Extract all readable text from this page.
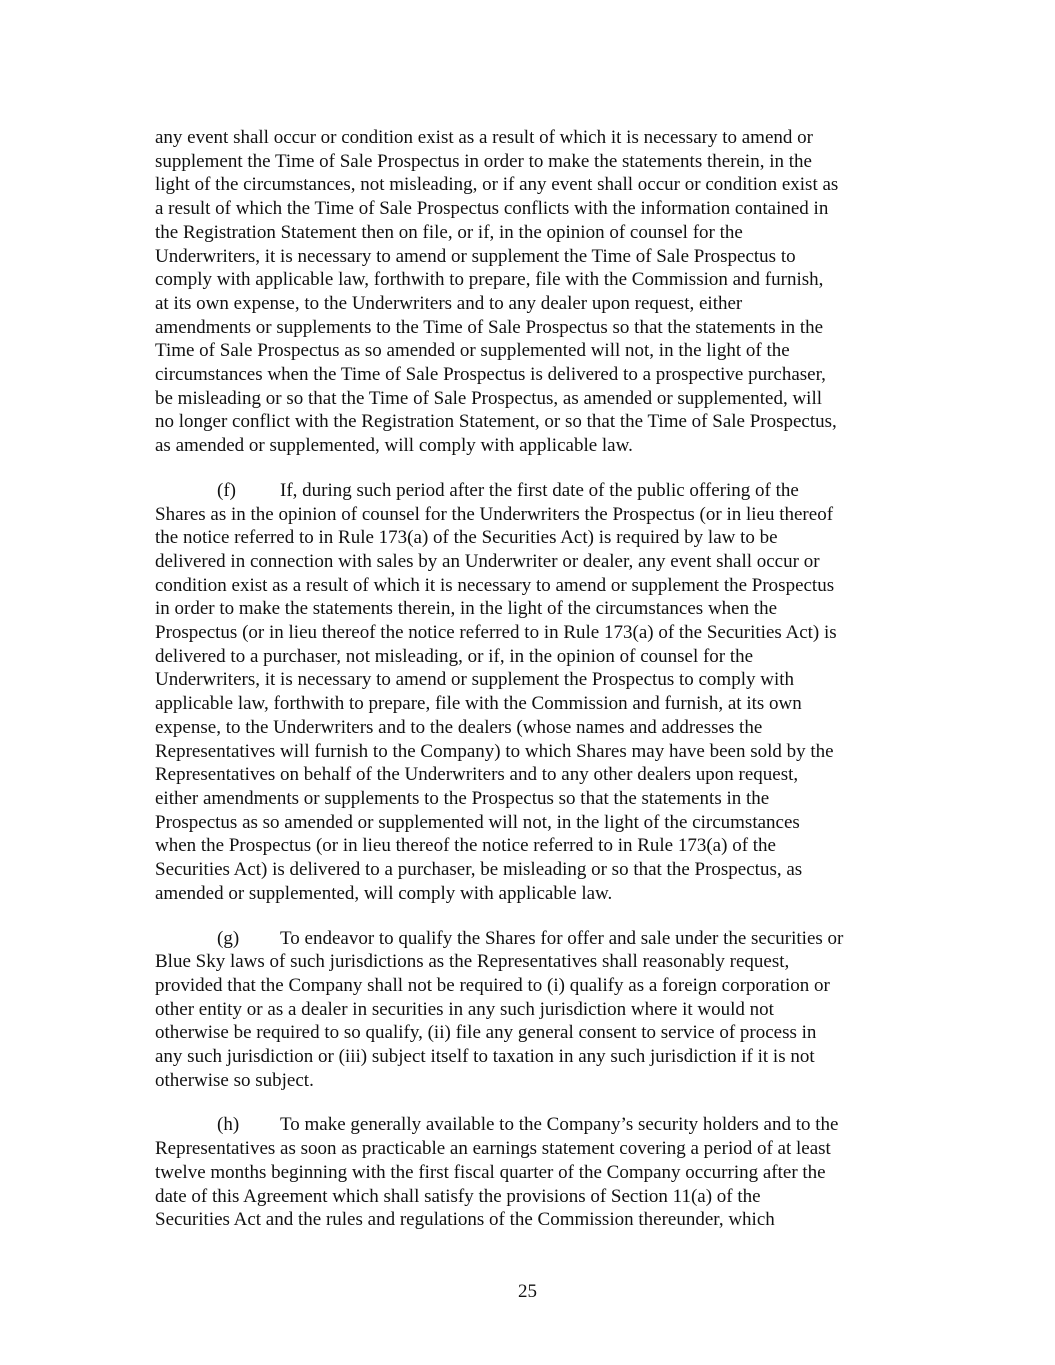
any event shall occur or condition exist as a result of which it is necessary to amend or
supplement the Time of Sale Prospectus in order to make the statements therein, in the
light of the circumstances, not misleading, or if any event shall occur or condition exist as
a result of which the Time of Sale Prospectus conflicts with the information contained in
the Registration Statement then on file, or if, in the opinion of counsel for the
Underwriters, it is necessary to amend or supplement the Time of Sale Prospectus to
comply with applicable law, forthwith to prepare, file with the Commission and furnish,
at its own expense, to the Underwriters and to any dealer upon request, either
amendments or supplements to the Time of Sale Prospectus so that the statements in the
Time of Sale Prospectus as so amended or supplemented will not, in the light of the
circumstances when the Time of Sale Prospectus is delivered to a prospective purchaser,
be misleading or so that the Time of Sale Prospectus, as amended or supplemented, will
no longer conflict with the Registration Statement, or so that the Time of Sale Prospectus,
as amended or supplemented, will comply with applicable law.
(f) If, during such period after the first date of the public offering of the
Shares as in the opinion of counsel for the Underwriters the Prospectus (or in lieu thereof
the notice referred to in Rule 173(a) of the Securities Act) is required by law to be
delivered in connection with sales by an Underwriter or dealer, any event shall occur or
condition exist as a result of which it is necessary to amend or supplement the Prospectus
in order to make the statements therein, in the light of the circumstances when the
Prospectus (or in lieu thereof the notice referred to in Rule 173(a) of the Securities Act) is
delivered to a purchaser, not misleading, or if, in the opinion of counsel for the
Underwriters, it is necessary to amend or supplement the Prospectus to comply with
applicable law, forthwith to prepare, file with the Commission and furnish, at its own
expense, to the Underwriters and to the dealers (whose names and addresses the
Representatives will furnish to the Company) to which Shares may have been sold by the
Representatives on behalf of the Underwriters and to any other dealers upon request,
either amendments or supplements to the Prospectus so that the statements in the
Prospectus as so amended or supplemented will not, in the light of the circumstances
when the Prospectus (or in lieu thereof the notice referred to in Rule 173(a) of the
Securities Act) is delivered to a purchaser, be misleading or so that the Prospectus, as
amended or supplemented, will comply with applicable law.
(g) To endeavor to qualify the Shares for offer and sale under the securities or
Blue Sky laws of such jurisdictions as the Representatives shall reasonably request,
provided that the Company shall not be required to (i) qualify as a foreign corporation or
other entity or as a dealer in securities in any such jurisdiction where it would not
otherwise be required to so qualify, (ii) file any general consent to service of process in
any such jurisdiction or (iii) subject itself to taxation in any such jurisdiction if it is not
otherwise so subject.
(h) To make generally available to the Company’s security holders and to the
Representatives as soon as practicable an earnings statement covering a period of at least
twelve months beginning with the first fiscal quarter of the Company occurring after the
date of this Agreement which shall satisfy the provisions of Section 11(a) of the
Securities Act and the rules and regulations of the Commission thereunder, which
25
